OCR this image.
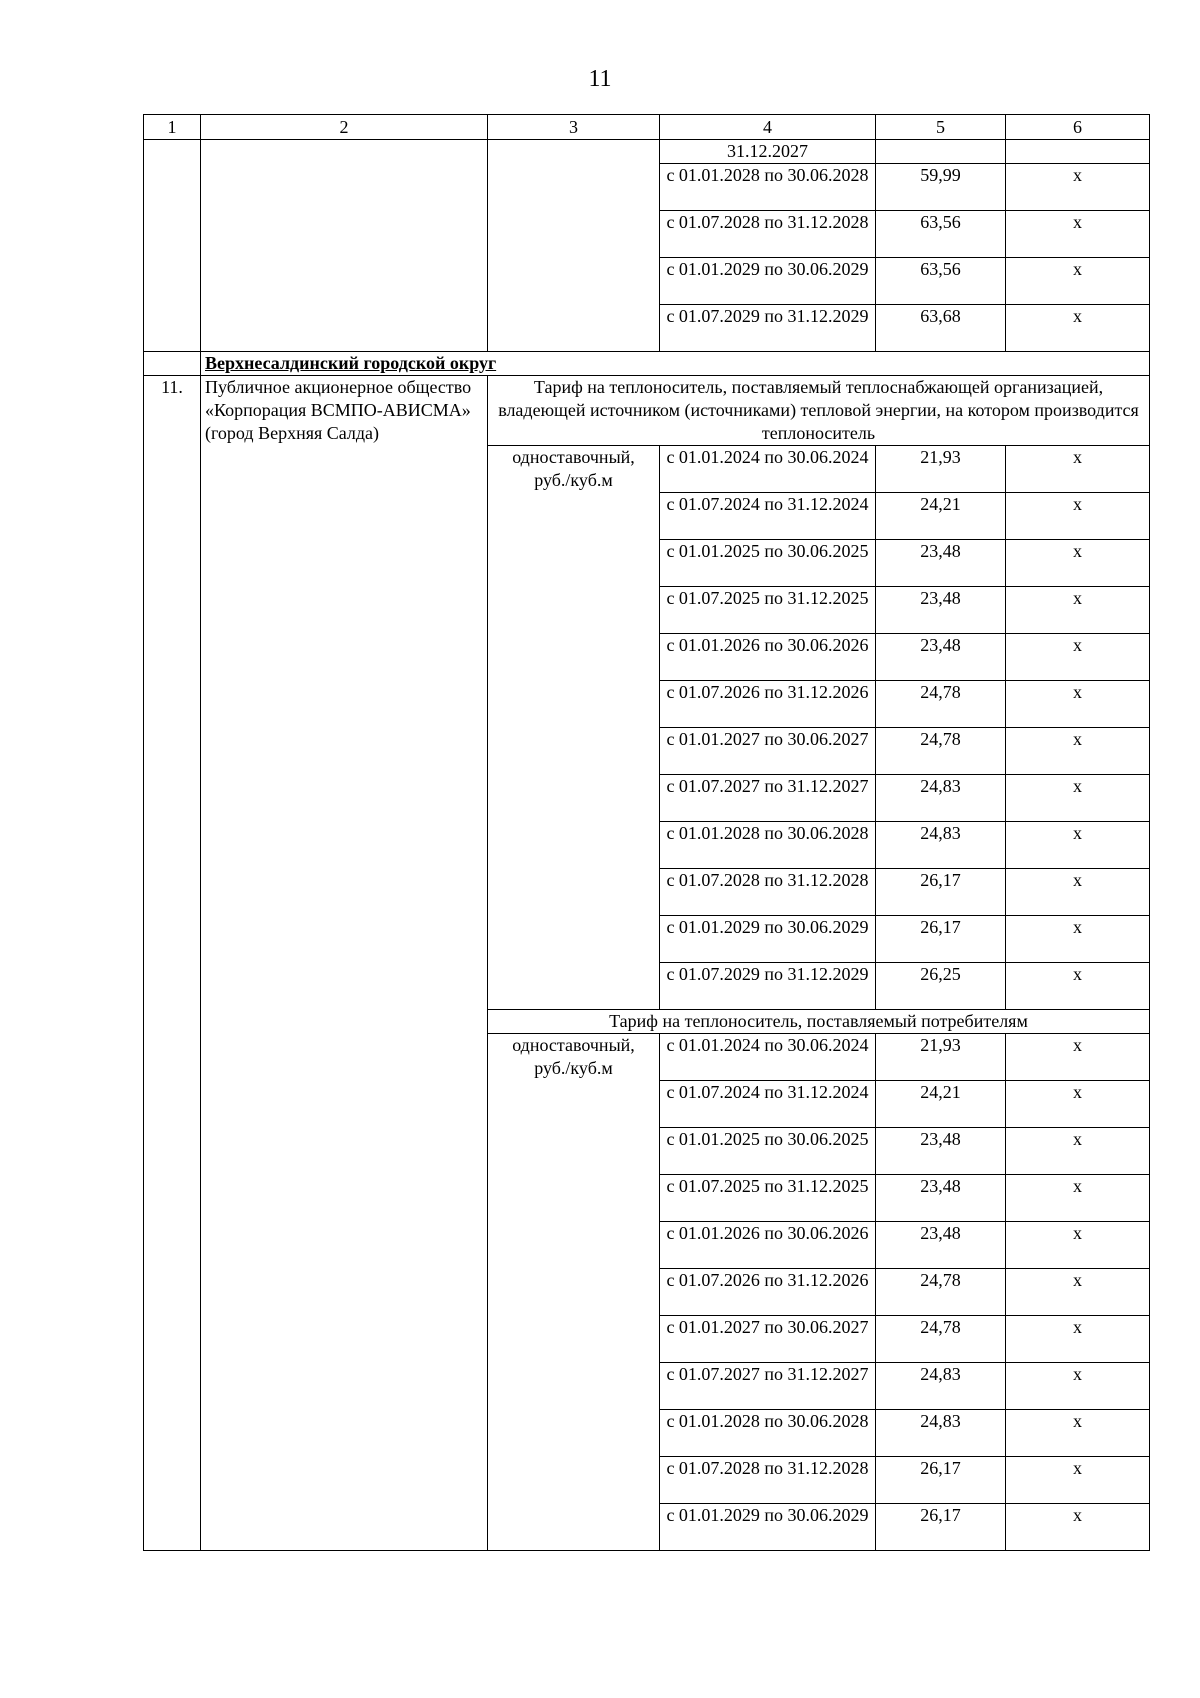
11
1	2	3	4	5	6
			31.12.2027		
			с 01.01.2028 по 30.06.2028	59,99	х
			с 01.07.2028 по 31.12.2028	63,56	х
			с 01.01.2029 по 30.06.2029	63,56	х
			с 01.07.2029 по 31.12.2029	63,68	х
	Верхнесалдинский городской округ				
11.	Публичное акционерное общество «Корпорация ВСМПО-АВИСМА» (город Верхняя Салда)	Тариф на теплоноситель, поставляемый теплоснабжающей организацией, владеющей источником (источниками) тепловой энергии, на котором производится теплоноситель			
		одноставочный, руб./куб.м	с 01.01.2024 по 30.06.2024	21,93	х
			с 01.07.2024 по 31.12.2024	24,21	х
			с 01.01.2025 по 30.06.2025	23,48	х
			с 01.07.2025 по 31.12.2025	23,48	х
			с 01.01.2026 по 30.06.2026	23,48	х
			с 01.07.2026 по 31.12.2026	24,78	х
			с 01.01.2027 по 30.06.2027	24,78	х
			с 01.07.2027 по 31.12.2027	24,83	х
			с 01.01.2028 по 30.06.2028	24,83	х
			с 01.07.2028 по 31.12.2028	26,17	х
			с 01.01.2029 по 30.06.2029	26,17	х
			с 01.07.2029 по 31.12.2029	26,25	х
		Тариф на теплоноситель, поставляемый потребителям			
		одноставочный, руб./куб.м	с 01.01.2024 по 30.06.2024	21,93	х
			с 01.07.2024 по 31.12.2024	24,21	х
			с 01.01.2025 по 30.06.2025	23,48	х
			с 01.07.2025 по 31.12.2025	23,48	х
			с 01.01.2026 по 30.06.2026	23,48	х
			с 01.07.2026 по 31.12.2026	24,78	х
			с 01.01.2027 по 30.06.2027	24,78	х
			с 01.07.2027 по 31.12.2027	24,83	х
			с 01.01.2028 по 30.06.2028	24,83	х
			с 01.07.2028 по 31.12.2028	26,17	х
			с 01.01.2029 по 30.06.2029	26,17	х
